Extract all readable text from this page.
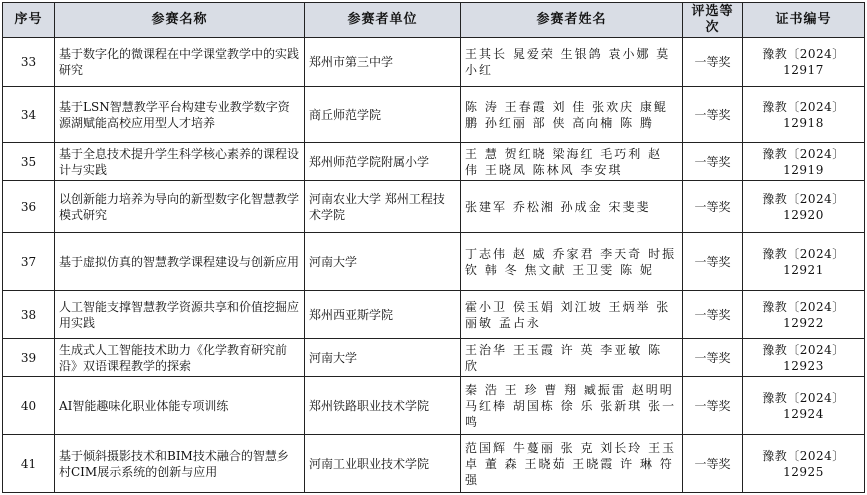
序号	参赛名称	参赛者单位	参赛者姓名	评选等次	证书编号
33	基于数字化的微课程在中学课堂教学中的实践研究	郑州市第三中学	王其长 晁爱荣 生银鸽 袁小娜 莫小红	一等奖	豫教〔2024〕12917
34	基于LSN智慧教学平台构建专业教学数字资源湖赋能高校应用型人才培养	商丘师范学院	陈 涛 王春霞 刘 佳 张欢庆 康鲲鹏 孙红丽 部 侠 高向楠 陈 腾	一等奖	豫教〔2024〕12918
35	基于全息技术提升学生科学核心素养的课程设计与实践	郑州师范学院附属小学	王 慧 贺红晓 梁海红 毛巧利 赵 伟 王晓凤 陈林风 李安琪	一等奖	豫教〔2024〕12919
36	以创新能力培养为导向的新型数字化智慧教学模式研究	河南农业大学 郑州工程技术学院	张建军 乔松湘 孙成金 宋斐斐	一等奖	豫教〔2024〕12920
37	基于虚拟仿真的智慧教学课程建设与创新应用	河南大学	丁志伟 赵 威 乔家君 李天奇 时振钦 韩 冬 焦文献 王卫雯 陈 妮	一等奖	豫教〔2024〕12921
38	人工智能支撑智慧教学资源共享和价值挖掘应用实践	郑州西亚斯学院	霍小卫 侯玉娟 刘江坡 王炳举 张丽敏 孟占永	一等奖	豫教〔2024〕12922
39	生成式人工智能技术助力《化学教育研究前沿》双语课程教学的探索	河南大学	王治华 王玉霞 许 英 李亚敏 陈 欣	一等奖	豫教〔2024〕12923
40	AI智能趣味化职业体能专项训练	郑州铁路职业技术学院	秦 浩 王 珍 曹 翔 臧振雷 赵明明 马红棒 胡国栋 徐 乐 张新琪 张一鸣	一等奖	豫教〔2024〕12924
41	基于倾斜摄影技术和BIM技术融合的智慧乡村CIM展示系统的创新与应用	河南工业职业技术学院	范国辉 牛蔓丽 张 克 刘长玲 王玉卓 董 森 王晓茹 王晓霞 许 琳 符 强	一等奖	豫教〔2024〕12925
